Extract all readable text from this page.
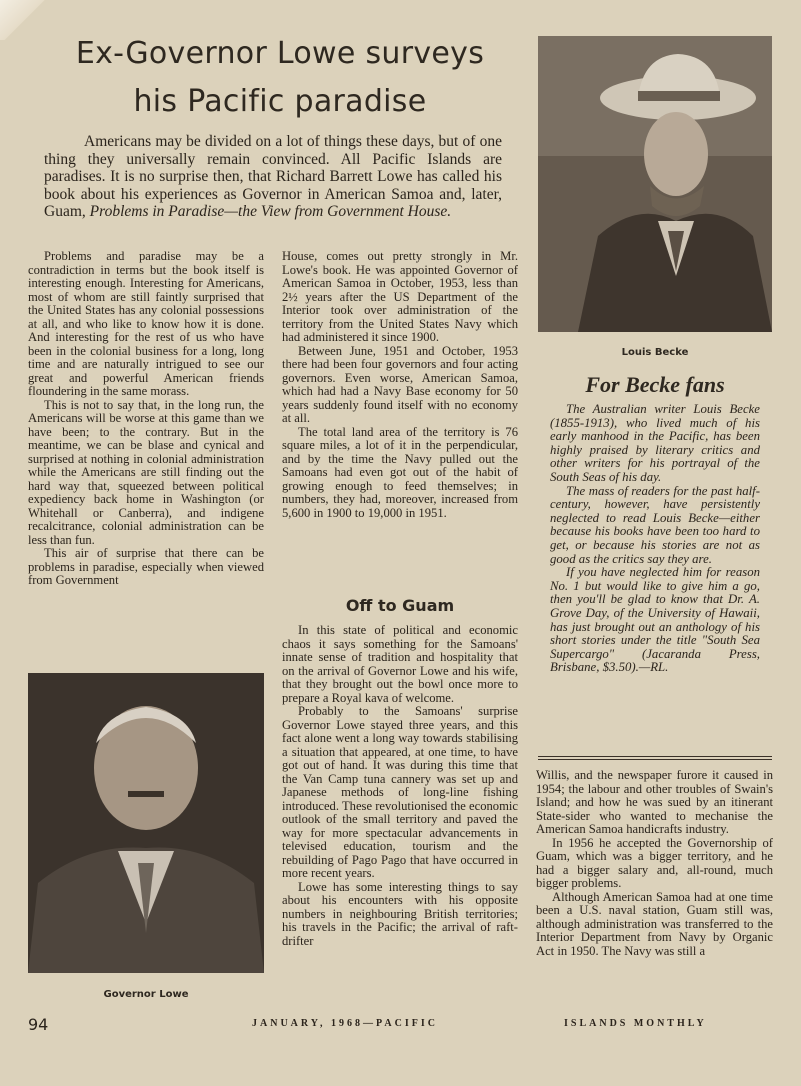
Ex-Governor Lowe surveys
his Pacific paradise
Americans may be divided on a lot of things these days, but of one thing they universally remain convinced. All Pacific Islands are paradises. It is no surprise then, that Richard Barrett Lowe has called his book about his experiences as Governor in American Samoa and, later, Guam, Problems in Paradise—the View from Government House.

Problems and paradise may be a contradiction in terms but the book itself is interesting enough. Interesting for Americans, most of whom are still faintly surprised that the United States has any colonial possessions at all, and who like to know how it is done. And interesting for the rest of us who have been in the colonial business for a long, long time and are naturally intrigued to see our great and powerful American friends floundering in the same morass.

This is not to say that, in the long run, the Americans will be worse at this game than we have been; to the contrary. But in the meantime, we can be blase and cynical and surprised at nothing in colonial administration while the Americans are still finding out the hard way that, squeezed between political expediency back home in Washington (or Whitehall or Canberra), and indigene recalcitrance, colonial administration can be less than fun.

This air of surprise that there can be problems in paradise, especially when viewed from Government

House, comes out pretty strongly in Mr. Lowe's book. He was appointed Governor of American Samoa in October, 1953, less than 2½ years after the US Department of the Interior took over administration of the territory from the United States Navy which had administered it since 1900.

Between June, 1951 and October, 1953 there had been four governors and four acting governors. Even worse, American Samoa, which had had a Navy Base economy for 50 years suddenly found itself with no economy at all.

The total land area of the territory is 76 square miles, a lot of it in the perpendicular, and by the time the Navy pulled out the Samoans had even got out of the habit of growing enough to feed themselves; in numbers, they had, moreover, increased from 5,600 in 1900 to 19,000 in 1951.

Off to Guam

In this state of political and economic chaos it says something for the Samoans' innate sense of tradition and hospitality that on the arrival of Governor Lowe and his wife, that they brought out the bowl once more to prepare a Royal kava of welcome.

Probably to the Samoans' surprise Governor Lowe stayed three years, and this fact alone went a long way towards stabilising a situation that appeared, at one time, to have got out of hand. It was during this time that the Van Camp tuna cannery was set up and Japanese methods of long-line fishing introduced. These revolutionised the economic outlook of the small territory and paved the way for more spectacular advancements in televised education, tourism and the rebuilding of Pago Pago that have occurred in more recent years.

Lowe has some interesting things to say about his encounters with his opposite numbers in neighbouring British territories; his travels in the Pacific; the arrival of raft-drifter

Willis, and the newspaper furore it caused in 1954; the labour and other troubles of Swain's Island; and how he was sued by an itinerant State-sider who wanted to mechanise the American Samoa handicrafts industry.

In 1956 he accepted the Governorship of Guam, which was a bigger territory, and he had a bigger salary and, all-round, much bigger problems.

Although American Samoa had at one time been a U.S. naval station, Guam still was, although administration was transferred to the Interior Department from Navy by Organic Act in 1950. The Navy was still a

Louis Becke
For Becke fans

The Australian writer Louis Becke (1855-1913), who lived much of his early manhood in the Pacific, has been highly praised by literary critics and other writers for his portrayal of the South Seas of his day.

The mass of readers for the past half-century, however, have persistently neglected to read Louis Becke—either because his books have been too hard to get, or because his stories are not as good as the critics say they are.

If you have neglected him for reason No. 1 but would like to give him a go, then you'll be glad to know that Dr. A. Grove Day, of the University of Hawaii, has just brought out an anthology of his short stories under the title "South Sea Supercargo" (Jacaranda Press, Brisbane, $3.50).—RL.

Governor Lowe
94	JANUARY, 1968—PACIFIC	ISLANDS MONTHLY
